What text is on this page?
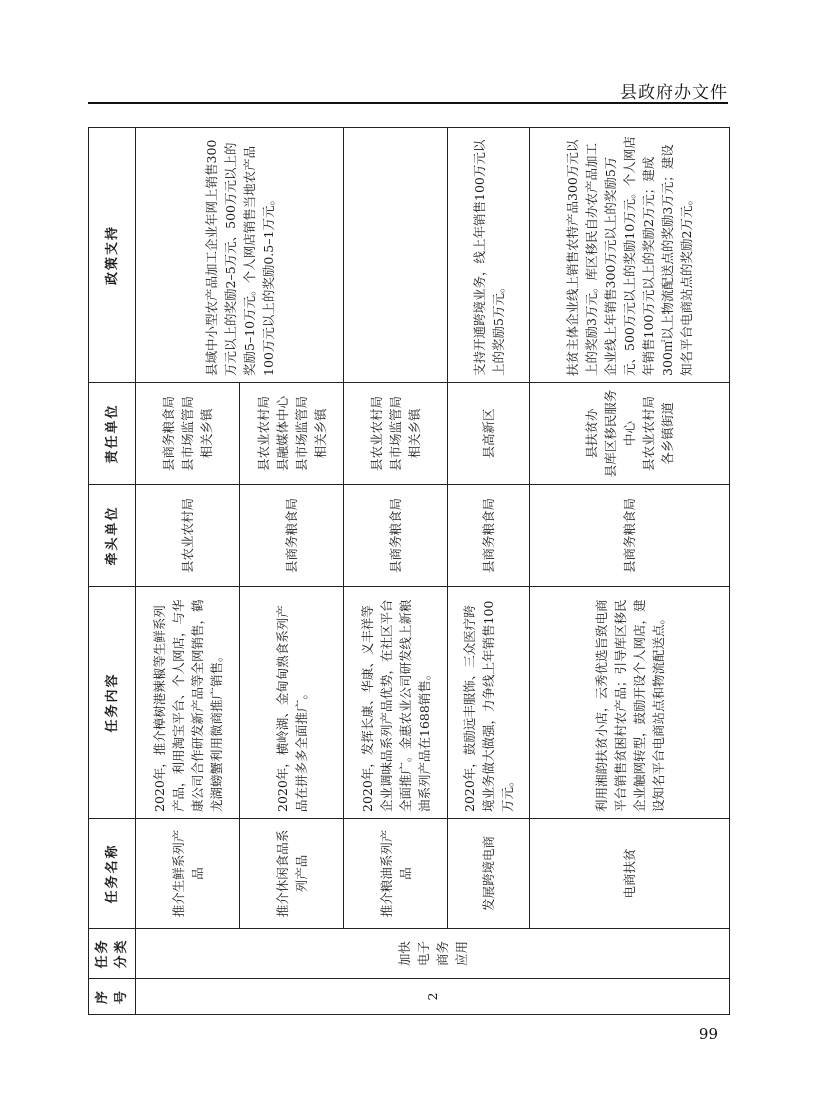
县政府办文件
序号	任务分类	任务名称	任务内容	牵头单位	责任单位	政策支持
2	加快电子商务应用	推介生鲜系列产品	2020年，推介樟树港辣椒等生鲜系列产品，利用淘宝平台、个人网店，与华康公司合作研发新产品等全网销售，鹤龙湖螃蟹利用微商推广销售。	县农业农村局	县商务粮食局
县市场监管局
相关乡镇	县域中小型农产品加工企业年网上销售300万元以上的奖励2–5万元、500万元以上的奖励5–10万元。个人网店销售当地农产品100万元以上的奖励0.5–1万元。
		推介休闲食品系列产品	2020年，横岭湖、金甸甸熟食系列产品在拼多多全面推广。	县商务粮食局	县农业农村局
县融媒体中心
县市场监管局
相关乡镇	
		推介粮油系列产品	2020年，发挥长康、华康、义丰祥等企业调味品系列产品优势，在社区平台全面推广。金惠农业公司研发线上新粮油系列产品在1688销售。	县商务粮食局	县农业农村局
县市场监管局
相关乡镇	
		发展跨境电商	2020年，鼓励远丰服饰、三众医疗跨境业务做大做强，力争线上年销售100万元。	县商务粮食局	县高新区	支持开通跨境业务，线上年销售100万元以上的奖励5万元。
		电商扶贫	利用湘韵扶贫小店，云秀优选旨致电商平台销售贫困村农产品；引导库区移民企业触网转型，鼓励开设个人网店，建设知名平台电商站点和物流配送点。	县商务粮食局	县扶贫办
县库区移民服务中心
县农业农村局
各乡镇街道	扶贫主体企业线上销售农特产品300万元以上的奖励3万元。库区移民自办农产品加工企业线上年销售300万元以上的奖励5万元、500万元以上的奖励10万元。个人网店年销售100万元以上的奖励2万元；建成300㎡以上物流配送点的奖励3万元；建设知名平台电商站点的奖励2万元。
99
